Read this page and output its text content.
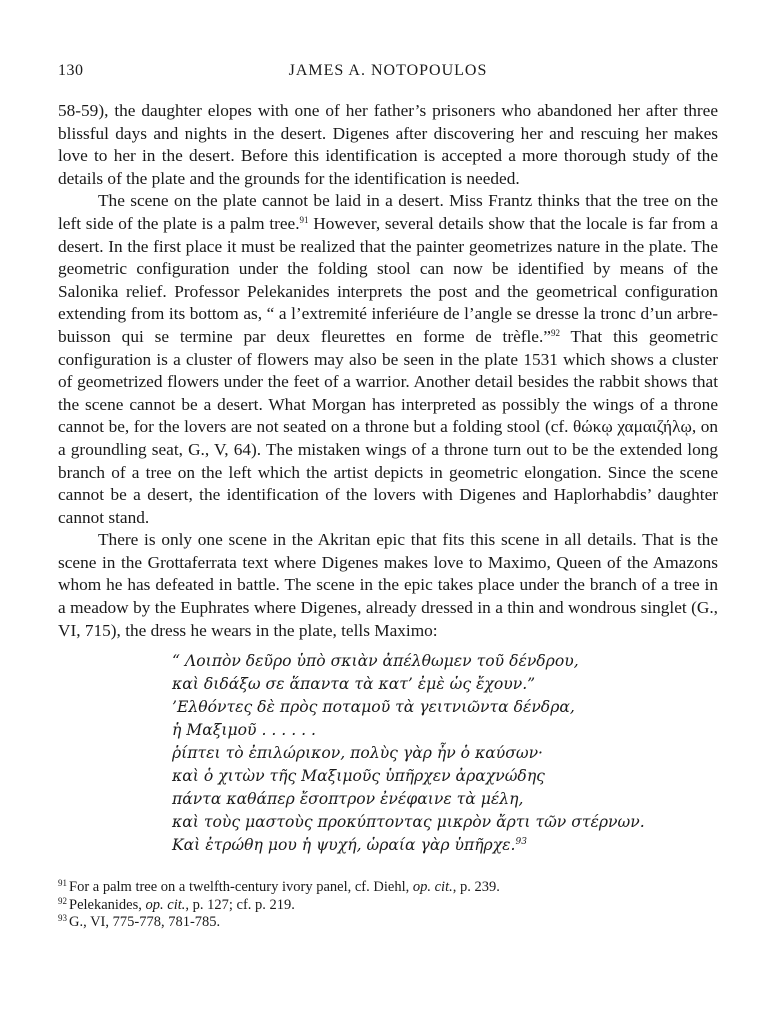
130	JAMES A. NOTOPOULOS

58-59), the daughter elopes with one of her father’s prisoners who abandoned her after three blissful days and nights in the desert. Digenes after discovering her and rescuing her makes love to her in the desert. Before this identification is accepted a more thorough study of the details of the plate and the grounds for the identification is needed.

The scene on the plate cannot be laid in a desert. Miss Frantz thinks that the tree on the left side of the plate is a palm tree.$^{91}$ However, several details show that the locale is far from a desert. In the first place it must be realized that the painter geometrizes nature in the plate. The geometric configuration under the folding stool can now be identified by means of the Salonika relief. Professor Pelekanides interprets the post and the geometrical configuration extending from its bottom as, “ a l’extremité inferiéure de l’angle se dresse la tronc d’un arbre-buisson qui se termine par deux fleurettes en forme de trèfle.”$^{92}$ That this geometric configuration is a cluster of flowers may also be seen in the plate 1531 which shows a cluster of geometrized flowers under the feet of a warrior. Another detail besides the rabbit shows that the scene cannot be a desert. What Morgan has interpreted as possibly the wings of a throne cannot be, for the lovers are not seated on a throne but a folding stool (cf. θώκῳ χαμαιζήλῳ, on a groundling seat, G., V, 64). The mistaken wings of a throne turn out to be the extended long branch of a tree on the left which the artist depicts in geometric elongation. Since the scene cannot be a desert, the identification of the lovers with Digenes and Haplorhabdis’ daughter cannot stand.

There is only one scene in the Akritan epic that fits this scene in all details. That is the scene in the Grottaferrata text where Digenes makes love to Maximo, Queen of the Amazons whom he has defeated in battle. The scene in the epic takes place under the branch of a tree in a meadow by the Euphrates where Digenes, already dressed in a thin and wondrous singlet (G., VI, 715), the dress he wears in the plate, tells Maximo:

“ Λοιπὸν δεῦρο ὑπὸ σκιὰν ἀπέλθωμεν τοῦ δένδρου,
καὶ διδάξω σε ἅπαντα τὰ κατ’ ἐμὲ ὡς ἔχουν.”
’Ελθόντες δὲ πρὸς ποταμοῦ τὰ γειτνιῶντα δένδρα,
ἡ Μαξιμοῦ . . . . . .
ῥίπτει τὸ ἐπιλώρικον, πολὺς γὰρ ἦν ὁ καύσων·
καὶ ὁ χιτὼν τῆς Μαξιμοῦς ὑπῆρχεν ἀραχνώδης
πάντα καθάπερ ἔσοπτρον ἐνέφαινε τὰ μέλη,
καὶ τοὺς μαστοὺς προκύπτοντας μικρὸν ἄρτι τῶν στέρνων.
Καὶ ἐτρώθη μου ἡ ψυχή, ὡραία γὰρ ὑπῆρχε.$^{93}$
$^{91}$ For a palm tree on a twelfth-century ivory panel, cf. Diehl, op. cit., p. 239.
$^{92}$ Pelekanides, op. cit., p. 127; cf. p. 219.
$^{93}$ G., VI, 775-778, 781-785.
